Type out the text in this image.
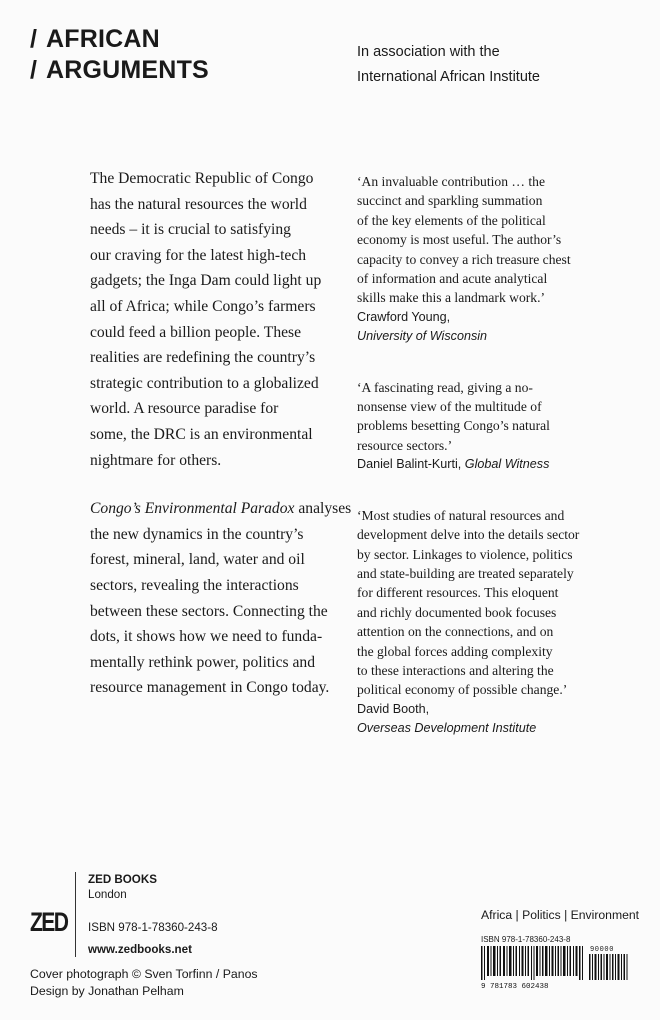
/ AFRICAN
/ ARGUMENTS
In association with the
International African Institute

The Democratic Republic of Congo
has the natural resources the world
needs – it is crucial to satisfying
our craving for the latest high-tech
gadgets; the Inga Dam could light up
all of Africa; while Congo’s farmers
could feed a billion people. These
realities are redefining the country’s
strategic contribution to a globalized
world. A resource paradise for
some, the DRC is an environmental
nightmare for others.

Congo’s Environmental Paradox analyses
the new dynamics in the country’s
forest, mineral, land, water and oil
sectors, revealing the interactions
between these sectors. Connecting the
dots, it shows how we need to funda-
mentally rethink power, politics and
resource management in Congo today.

‘An invaluable contribution … the
succinct and sparkling summation
of the key elements of the political
economy is most useful. The author’s
capacity to convey a rich treasure chest
of information and acute analytical
skills make this a landmark work.’
Crawford Young,
University of Wisconsin
‘A fascinating read, giving a no-
nonsense view of the multitude of
problems besetting Congo’s natural
resource sectors.’
Daniel Balint-Kurti, Global Witness
‘Most studies of natural resources and
development delve into the details sector
by sector. Linkages to violence, politics
and state-building are treated separately
for different resources. This eloquent
and richly documented book focuses
attention on the connections, and on
the global forces adding complexity
to these interactions and altering the
political economy of possible change.’
David Booth,
Overseas Development Institute
ZED
ZED BOOKS
London
ISBN 978-1-78360-243-8
www.zedbooks.net
Cover photograph © Sven Torfinn / Panos
Design by Jonathan Pelham
Africa | Politics | Environment
ISBN 978-1-78360-243-8
90000
9 781783 602438
